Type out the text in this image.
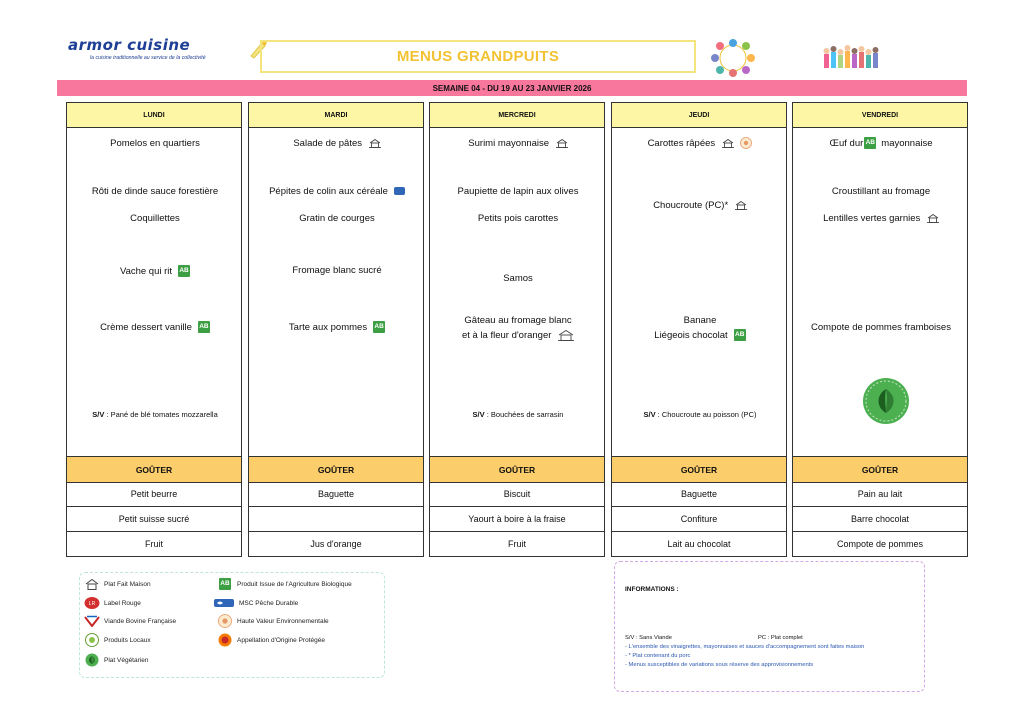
armor cuisine
la cuisine traditionnelle au service de la collectivité	MENUS GRANDPUITS
SEMAINE 04 - DU 19 AU 23 JANVIER 2026
LUNDI
Pomelos en quartiers
Rôti de dinde sauce forestière
Coquillettes
Vache qui rit AB
Crème dessert vanille AB
S/V : Pané de blé tomates mozzarella
GOÛTER
Petit beurre
Petit suisse sucré
Fruit
MARDI
Salade de pâtes
Pépites de colin aux céréale
Gratin de courges
Fromage blanc sucré
Tarte aux pommes AB
GOÛTER
Baguette
Jus d'orange
MERCREDI
Surimi mayonnaise
Paupiette de lapin aux olives
Petits pois carottes
Samos
Gâteau au fromage blanc
et à la fleur d'oranger
S/V : Bouchées de sarrasin
GOÛTER
Biscuit
Yaourt à boire à la fraise
Fruit
JEUDI
Carottes râpées
Choucroute (PC)*
Banane
Liégeois chocolat AB
S/V : Choucroute au poisson (PC)
GOÛTER
Baguette
Confiture
Lait au chocolat
VENDREDI
Œuf dur AB mayonnaise
Croustillant au fromage
Lentilles vertes garnies
Compote de pommes framboises
GOÛTER
Pain au lait
Barre chocolat
Compote de pommes
Plat Fait Maison
LR Label Rouge
Viande Bovine Française
Produits Locaux
Plat Végétarien
AB Produit Issue de l'Agriculture Biologique
MSC Pêche Durable
Haute Valeur Environnementale
Appellation d'Origine Protégée
INFORMATIONS :
S/V : Sans Viande	PC : Plat complet
- L'ensemble des vinaigrettes, mayonnaises et sauces d'accompagnement sont faites maison
- * Plat contenant du porc
- Menus susceptibles de variations sous réserve des approvisionnements
